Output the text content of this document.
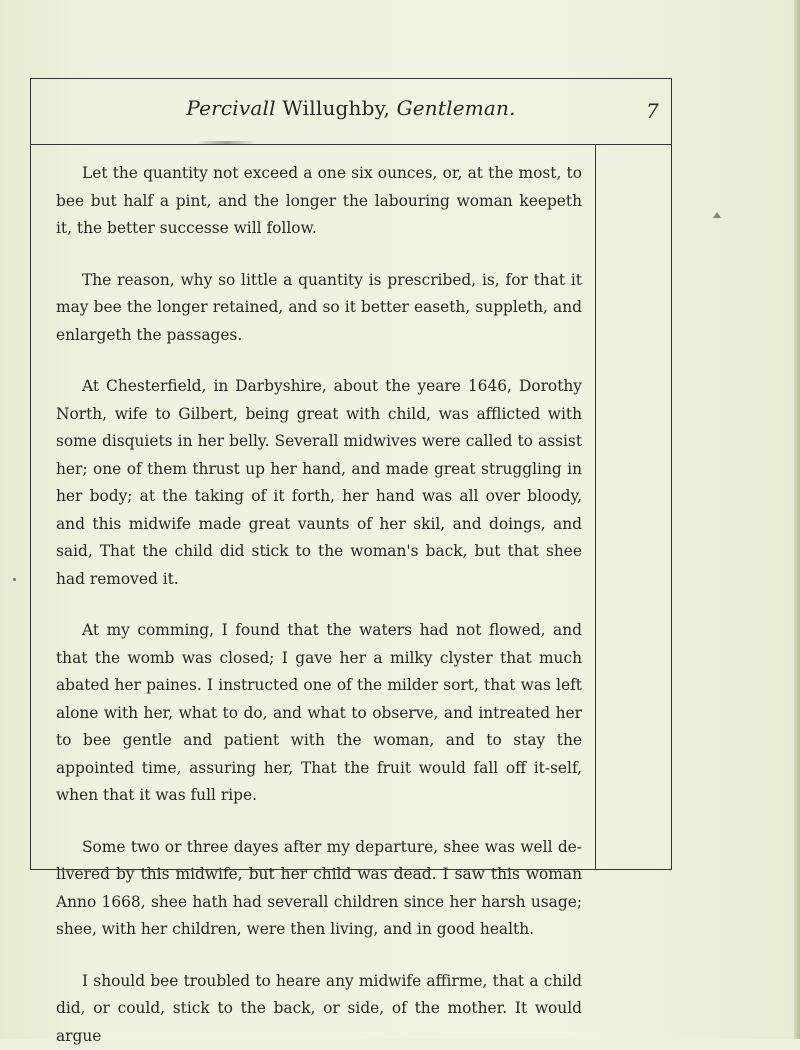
Percivall Willughby, Gentleman.	7

Let the quantity not exceed a one six ounces, or, at the most, to bee but half a pint, and the longer the labouring woman keepeth it, the better successe will follow.

The reason, why so little a quantity is prescribed, is, for that it may bee the longer retained, and so it better easeth, suppleth, and enlargeth the passages.

At Chesterfield, in Darbyshire, about the yeare 1646, Dorothy North, wife to Gilbert, being great with child, was afflicted with some disquiets in her belly. Severall midwives were called to assist her; one of them thrust up her hand, and made great struggling in her body; at the taking of it forth, her hand was all over bloody, and this midwife made great vaunts of her skil, and doings, and said, That the child did stick to the woman's back, but that shee had removed it.

At my comming, I found that the waters had not flowed, and that the womb was closed; I gave her a milky clyster that much abated her paines. I instructed one of the milder sort, that was left alone with her, what to do, and what to observe, and intreated her to bee gentle and patient with the woman, and to stay the appointed time, assuring her, That the fruit would fall off it-self, when that it was full ripe.

Some two or three dayes after my departure, shee was well de-livered by this midwife, but her child was dead. I saw this woman Anno 1668, shee hath had severall children since her harsh usage; shee, with her children, were then living, and in good health.

I should bee troubled to heare any midwife affirme, that a child did, or could, stick to the back, or side, of the mother. It would argue
